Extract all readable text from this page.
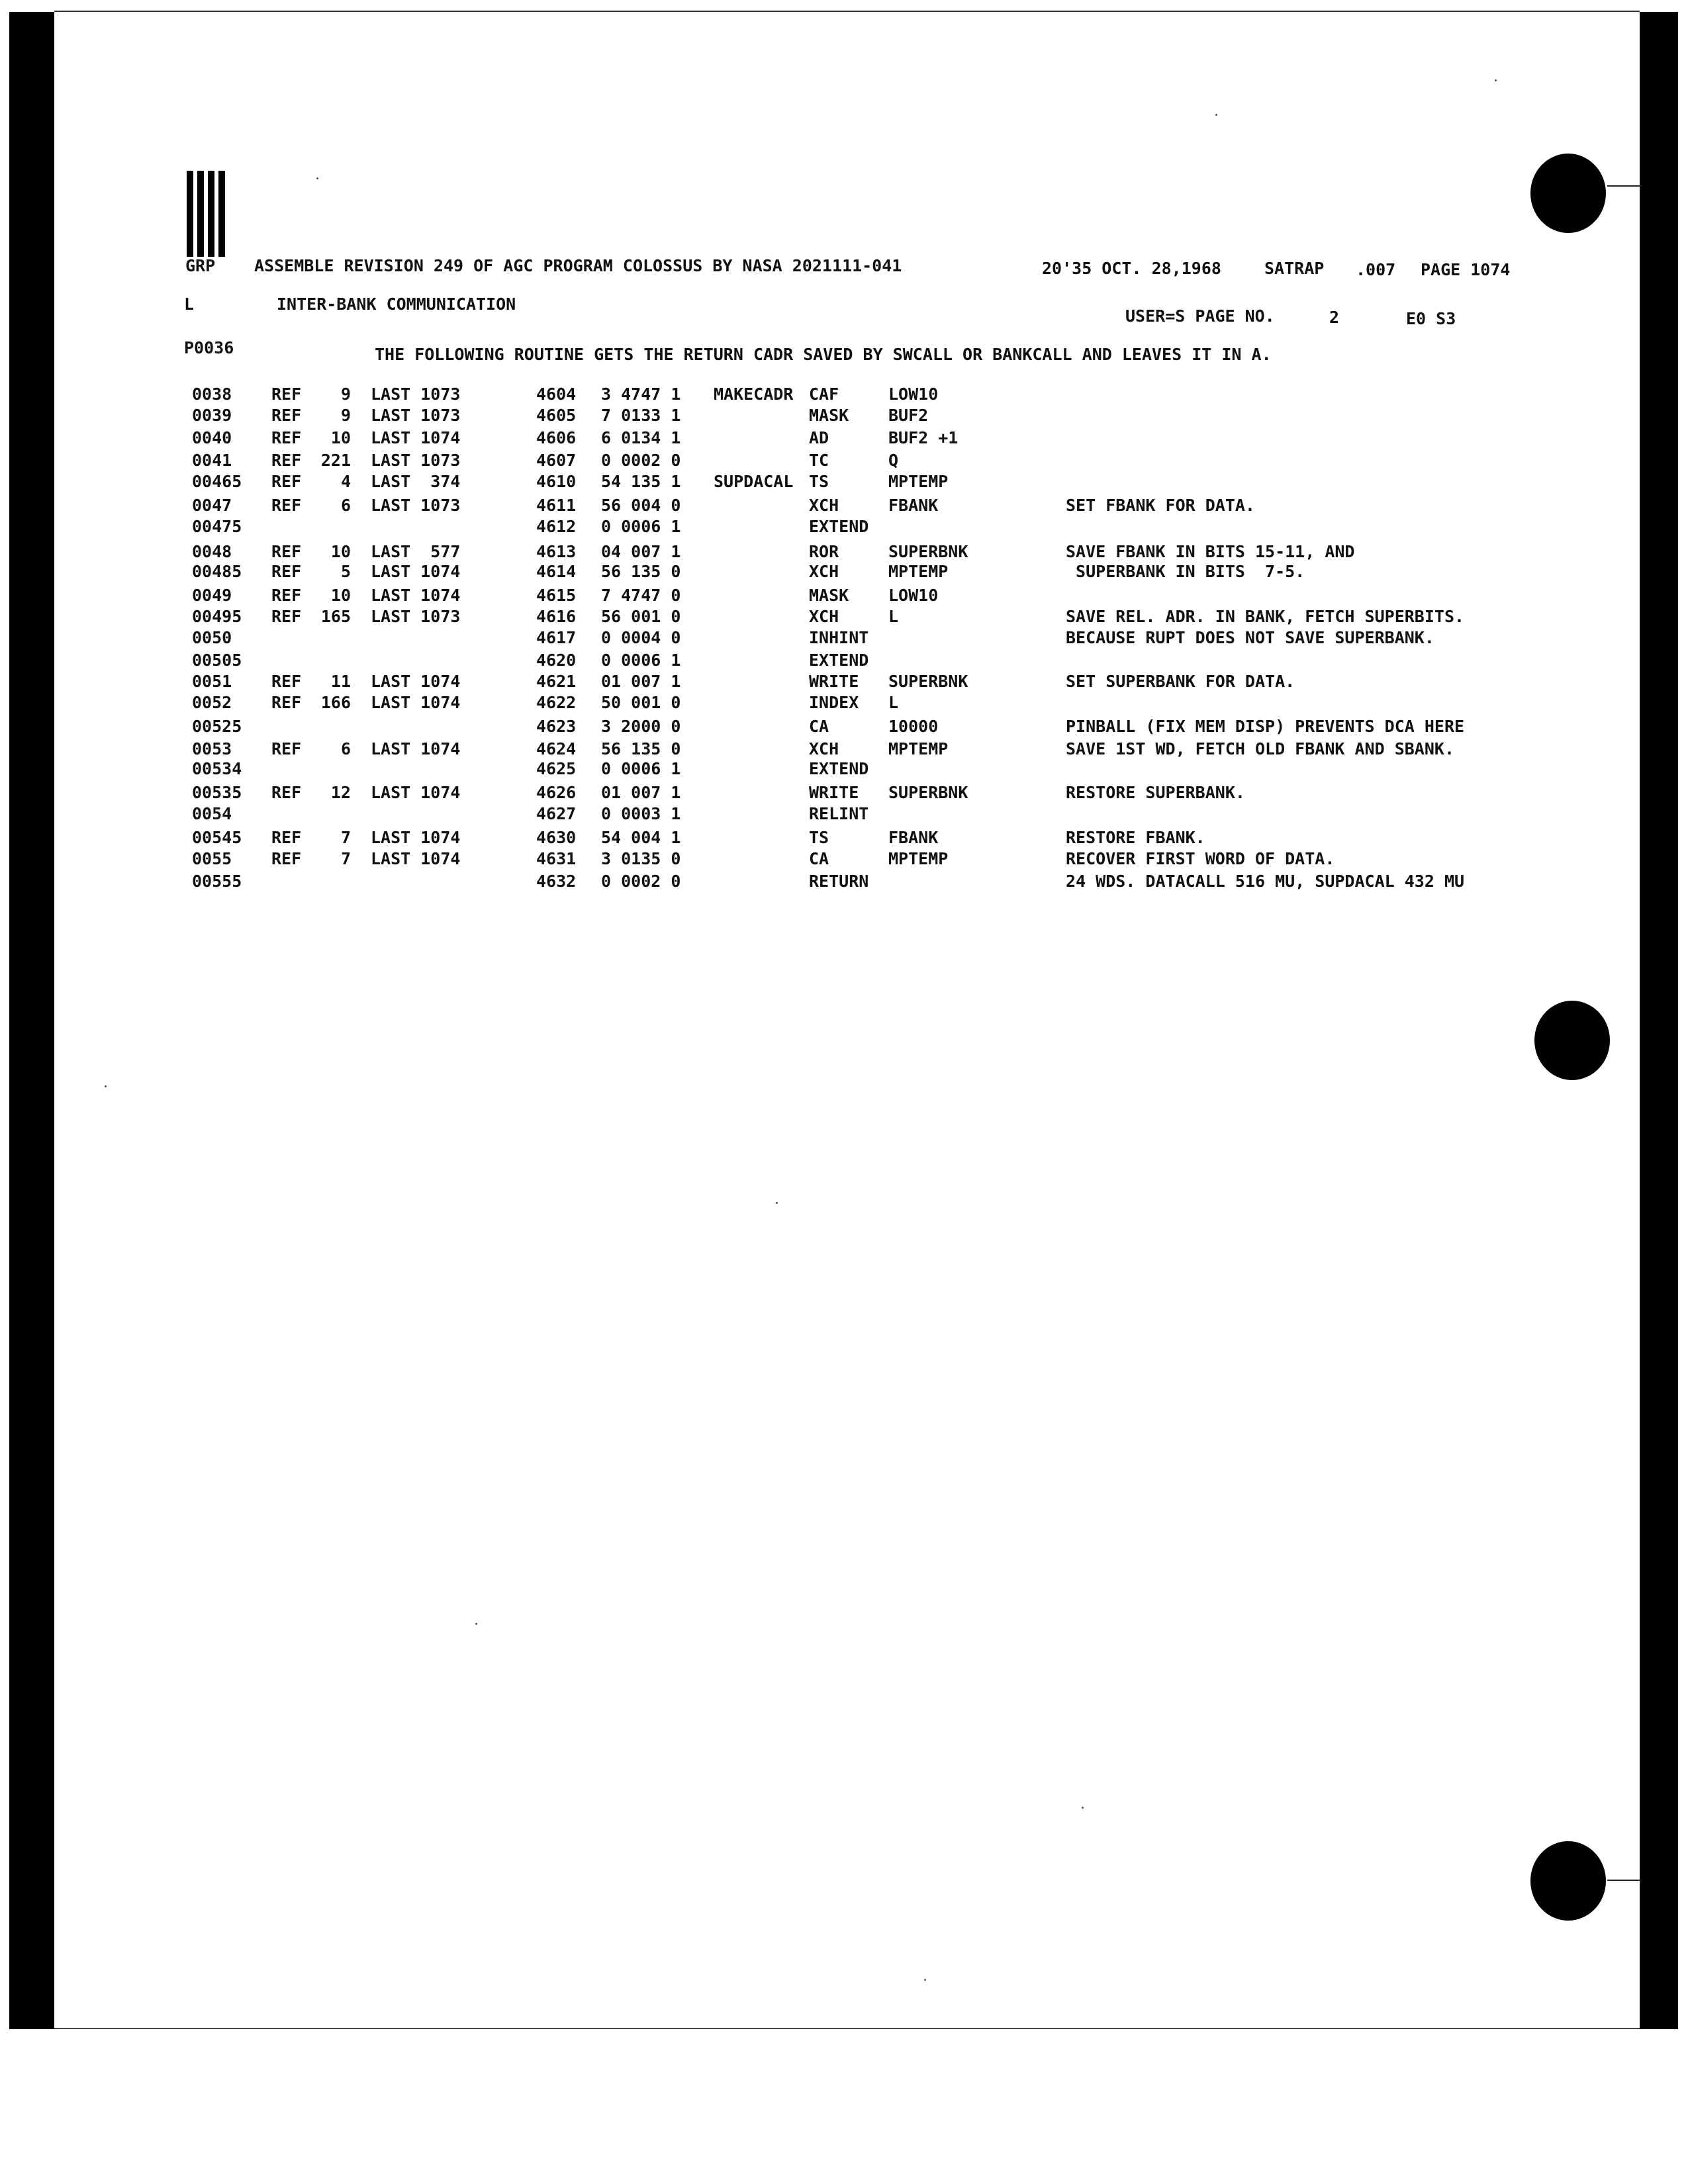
GRP ASSEMBLE REVISION 249 OF AGC PROGRAM COLOSSUS BY NASA 2021111-041	20'35 OCT. 28,1968	SATRAP .007 PAGE 1074
L	INTER-BANK COMMUNICATION
USER=S PAGE NO.	2	E0 S3
P0036	THE FOLLOWING ROUTINE GETS THE RETURN CADR SAVED BY SWCALL OR BANKCALL AND LEAVES IT IN A.
0038 REF	9 LAST 1073	4604 3 4747 1 MAKECADR CAF	LOW10
0039 REF	9 LAST 1073	4605 7 0133 1	MASK BUF2
0040 REF	10 LAST 1074	4606 6 0134 1	AD	BUF2 +1
0041 REF	221 LAST 1073	4607 0 0002 0	TC	Q
00465 REF	4 LAST  374	4610 54 135 1 SUPDACAL TS	MPTEMP
0047 REF	6 LAST 1073	4611 56 004 0	XCH	FBANK	SET FBANK FOR DATA.
00475	4612 0 0006 1	EXTEND
0048 REF	10 LAST  577	4613 04 007 1	ROR	SUPERBNK	SAVE FBANK IN BITS 15-11, AND
00485 REF	5 LAST 1074	4614 56 135 0	XCH	MPTEMP	SUPERBANK IN BITS  7-5.
0049 REF	10 LAST 1074	4615 7 4747 0	MASK LOW10
00495 REF	165 LAST 1073	4616 56 001 0	XCH	L	SAVE REL. ADR. IN BANK, FETCH SUPERBITS.
0050	4617 0 0004 0	INHINT	BECAUSE RUPT DOES NOT SAVE SUPERBANK.
00505	4620 0 0006 1	EXTEND
0051 REF	11 LAST 1074	4621 01 007 1	WRITE SUPERBNK	SET SUPERBANK FOR DATA.
0052 REF	166 LAST 1074	4622 50 001 0	INDEX L
00525	4623 3 2000 0	CA	10000	PINBALL (FIX MEM DISP) PREVENTS DCA HERE
0053 REF	6 LAST 1074	4624 56 135 0	XCH	MPTEMP	SAVE 1ST WD, FETCH OLD FBANK AND SBANK.
00534	4625 0 0006 1	EXTEND
00535 REF	12 LAST 1074	4626 01 007 1	WRITE SUPERBNK	RESTORE SUPERBANK.
0054	4627 0 0003 1	RELINT
00545 REF	7 LAST 1074	4630 54 004 1	TS	FBANK	RESTORE FBANK.
0055 REF	7 LAST 1074	4631 3 0135 0	CA	MPTEMP	RECOVER FIRST WORD OF DATA.
00555	4632 0 0002 0	RETURN	24 WDS. DATACALL 516 MU, SUPDACAL 432 MU
